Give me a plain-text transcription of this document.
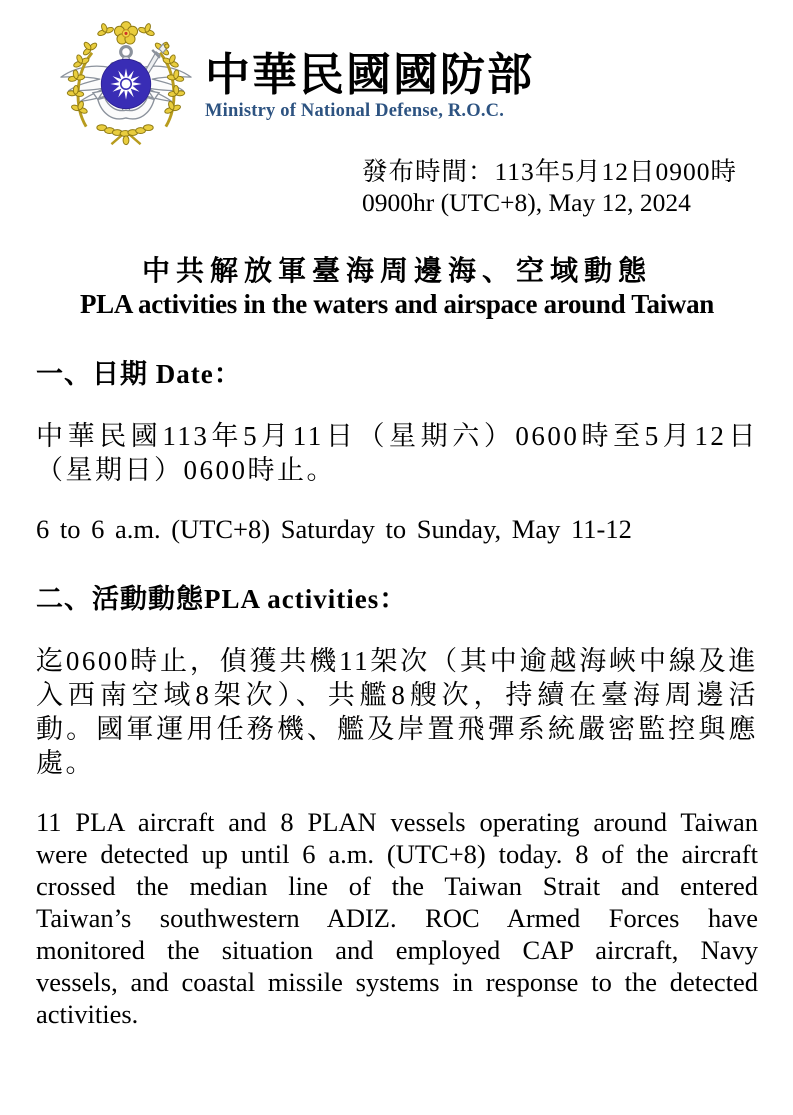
中華民國國防部
Ministry of National Defense, R.O.C.
發布時間：113年5月12日0900時
0900hr (UTC+8), May 12, 2024
中共解放軍臺海周邊海、空域動態
PLA activities in the waters and airspace around Taiwan
一、日期 Date：

中華民國113年5月11日（星期六）0600時至5月12日（星期日）0600時止。

6 to 6 a.m. (UTC+8) Saturday to Sunday, May 11-12

二、活動動態PLA activities：

迄0600時止，偵獲共機11架次（其中逾越海峽中線及進入西南空域8架次）、共艦8艘次，持續在臺海周邊活動。國軍運用任務機、艦及岸置飛彈系統嚴密監控與應處。

11 PLA aircraft and 8 PLAN vessels operating around Taiwan were detected up until 6 a.m. (UTC+8) today. 8 of the aircraft crossed the median line of the Taiwan Strait and entered Taiwan’s southwestern ADIZ. ROC Armed Forces have monitored the situation and employed CAP aircraft, Navy vessels, and coastal missile systems in response to the detected activities.
